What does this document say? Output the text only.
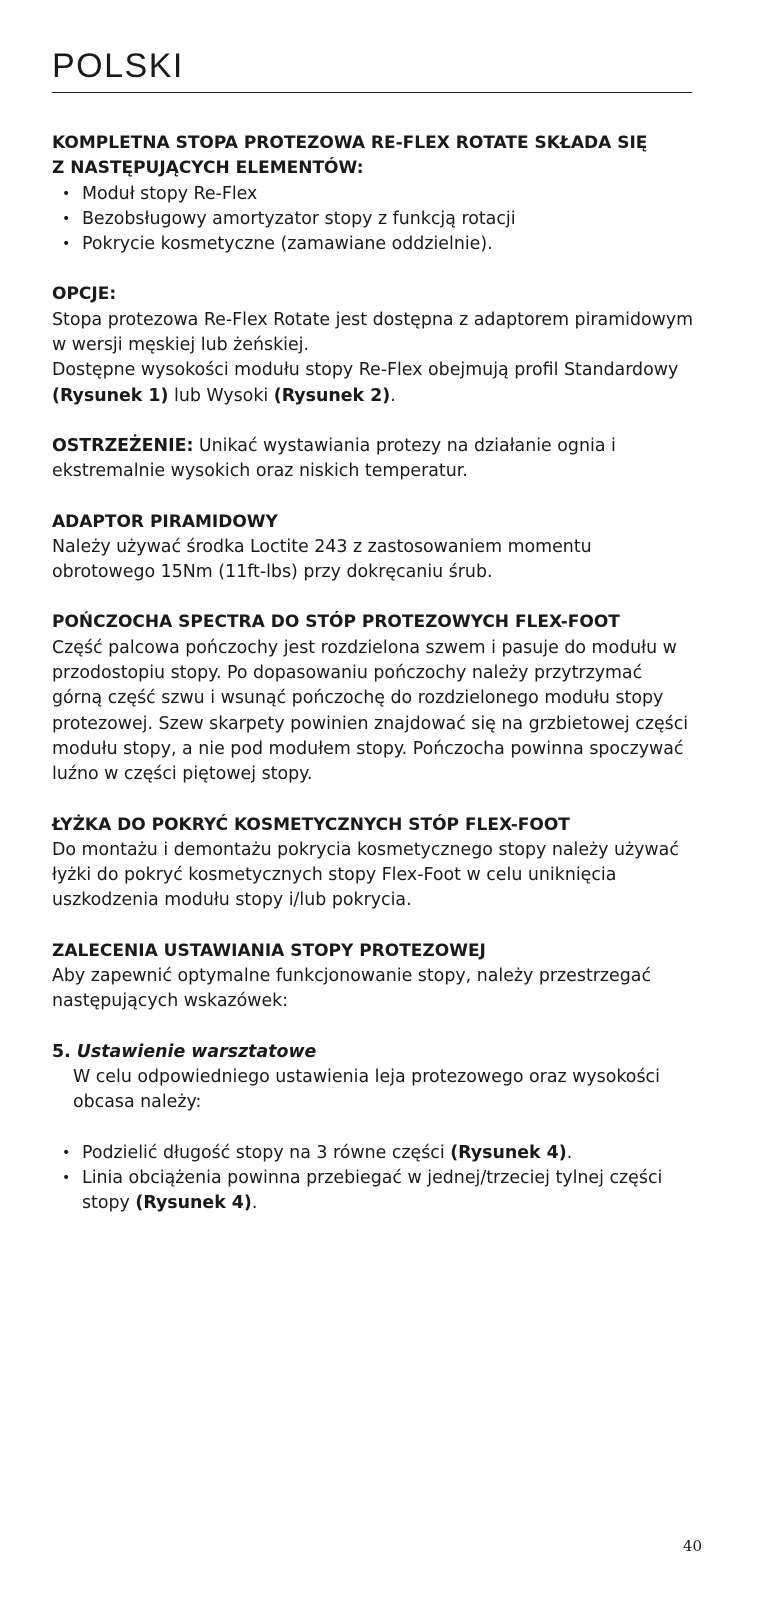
POLSKI
KOMPLETNA STOPA PROTEZOWA RE-FLEX ROTATE SKŁADA SIĘ
Z NASTĘPUJĄCYCH ELEMENTÓW:
• Moduł stopy Re-Flex
• Bezobsługowy amortyzator stopy z funkcją rotacji
• Pokrycie kosmetyczne (zamawiane oddzielnie).
OPCJE:

Stopa protezowa Re-Flex Rotate jest dostępna z adaptorem piramidowym w wersji męskiej lub żeńskiej.

Dostępne wysokości modułu stopy Re-Flex obejmują profil Standardowy (Rysunek 1) lub Wysoki (Rysunek 2).

OSTRZEŻENIE: Unikać wystawiania protezy na działanie ognia i ekstremalnie wysokich oraz niskich temperatur.

ADAPTOR PIRAMIDOWY

Należy używać środka Loctite 243 z zastosowaniem momentu obrotowego 15Nm (11ft-lbs) przy dokręcaniu śrub.

POŃCZOCHA SPECTRA DO STÓP PROTEZOWYCH FLEX-FOOT

Część palcowa pończochy jest rozdzielona szwem i pasuje do modułu w przodostopiu stopy. Po dopasowaniu pończochy należy przytrzymać górną część szwu i wsunąć pończochę do rozdzielonego modułu stopy protezowej. Szew skarpety powinien znajdować się na grzbietowej części modułu stopy, a nie pod modułem stopy. Pończocha powinna spoczywać luźno w części piętowej stopy.

ŁYŻKA DO POKRYĆ KOSMETYCZNYCH STÓP FLEX-FOOT

Do montażu i demontażu pokrycia kosmetycznego stopy należy używać łyżki do pokryć kosmetycznych stopy Flex-Foot w celu uniknięcia uszkodzenia modułu stopy i/lub pokrycia.

ZALECENIA USTAWIANIA STOPY PROTEZOWEJ

Aby zapewnić optymalne funkcjonowanie stopy, należy przestrzegać następujących wskazówek:

5. Ustawienie warsztatowe

W celu odpowiedniego ustawienia leja protezowego oraz wysokości obcasa należy:

• Podzielić długość stopy na 3 równe części (Rysunek 4).
• Linia obciążenia powinna przebiegać w jednej/trzeciej tylnej części stopy (Rysunek 4).
40
